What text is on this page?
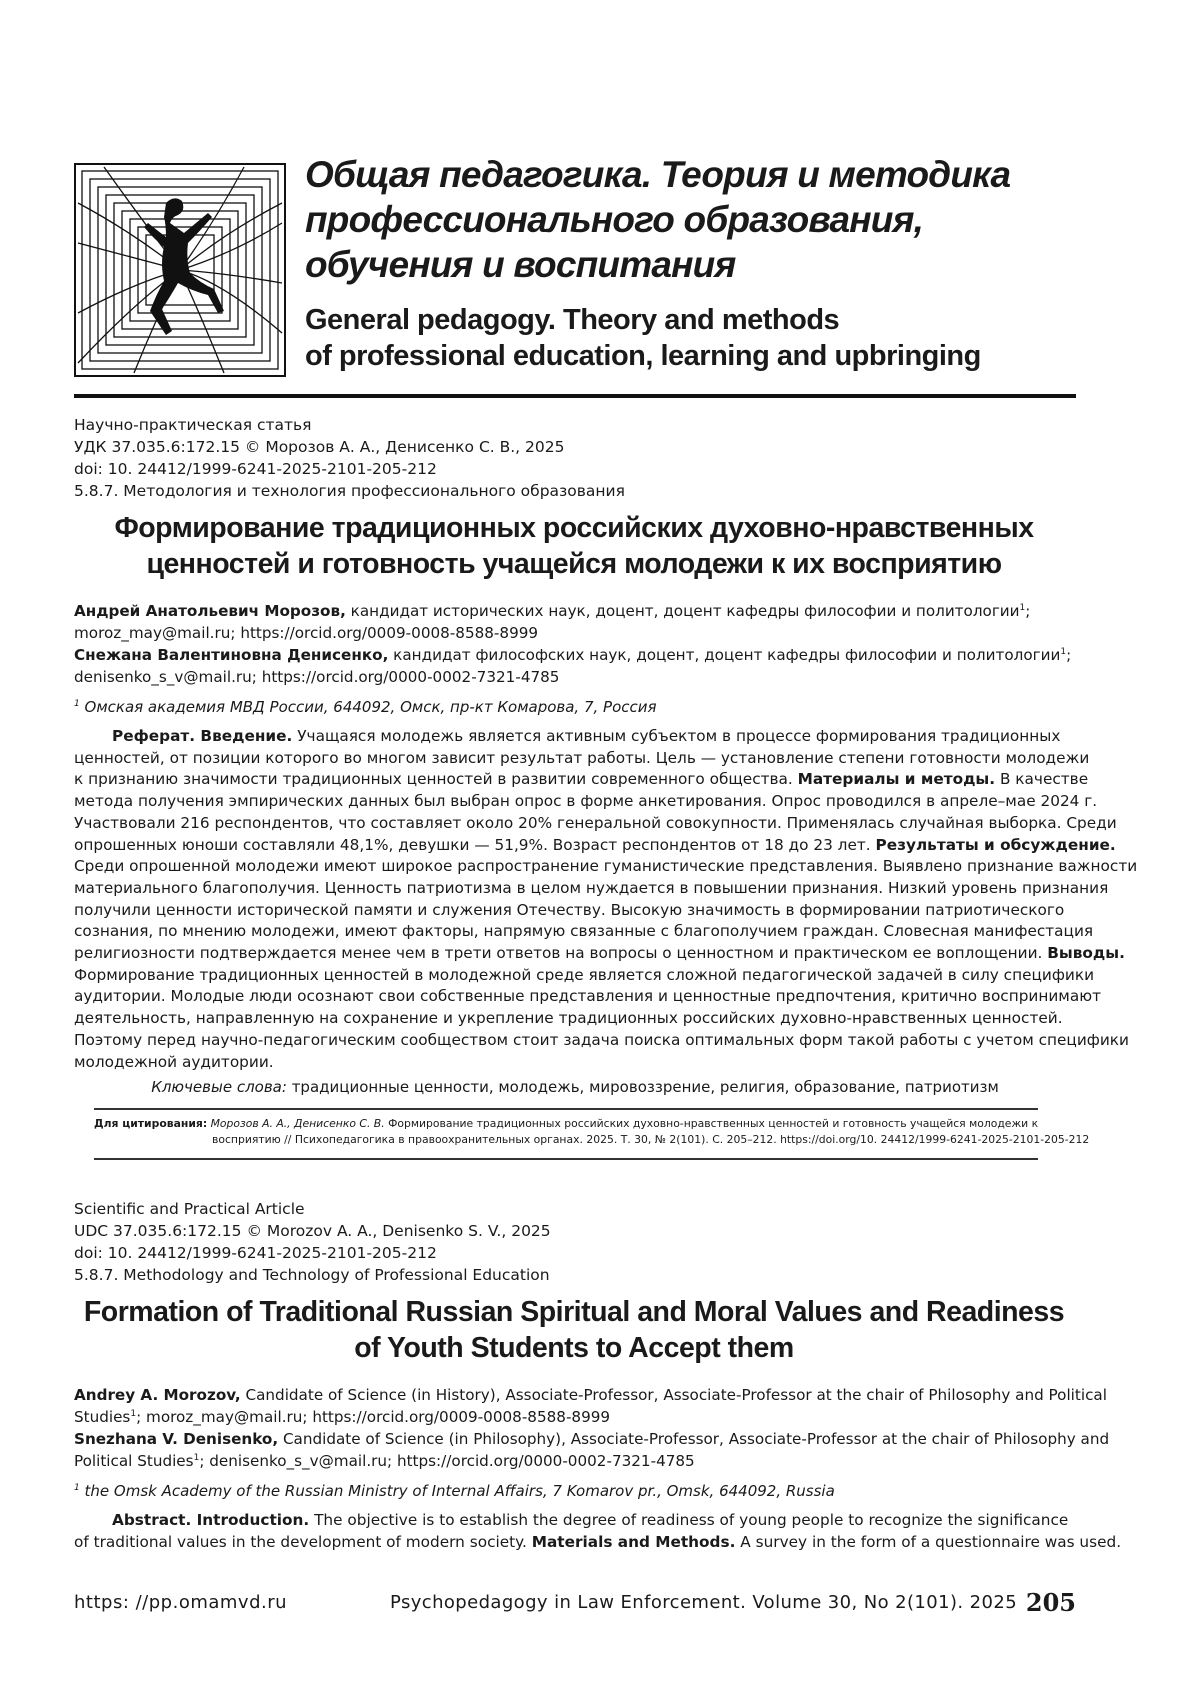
Общая педагогика. Теория и методика
профессионального образования,
обучения и воспитания
General pedagogy. Theory and methods
of professional education, learning and upbringing
Научно-практическая статья
УДК 37.035.6:172.15 © Морозов А. А., Денисенко С. В., 2025
doi: 10. 24412/1999-6241-2025-2101-205-212
5.8.7. Методология и технология профессионального образования
Формирование традиционных российских духовно-нравственных
ценностей и готовность учащейся молодежи к их восприятию
Андрей Анатольевич Морозов, кандидат исторических наук, доцент, доцент кафедры философии и политологии$^1$;
moroz_may@mail.ru; https://orcid.org/0009-0008-8588-8999
Снежана Валентиновна Денисенко, кандидат философских наук, доцент, доцент кафедры философии и политологии$^1$;
denisenko_s_v@mail.ru; https://orcid.org/0000-0002-7321-4785
$^1$ Омская академия МВД России, 644092, Омск, пр-кт Комарова, 7, Россия
Реферат. Введение. Учащаяся молодежь является активным субъектом в процессе формирования традиционных
ценностей, от позиции которого во многом зависит результат работы. Цель — установление степени готовности молодежи
к признанию значимости традиционных ценностей в развитии современного общества. Материалы и методы. В качестве
метода получения эмпирических данных был выбран опрос в форме анкетирования. Опрос проводился в апреле–мае 2024 г.
Участвовали 216 респондентов, что составляет около 20% генеральной совокупности. Применялась случайная выборка. Среди
опрошенных юноши составляли 48,1%, девушки — 51,9%. Возраст респондентов от 18 до 23 лет. Результаты и обсуждение.
Среди опрошенной молодежи имеют широкое распространение гуманистические представления. Выявлено признание важности
материального благополучия. Ценность патриотизма в целом нуждается в повышении признания. Низкий уровень признания
получили ценности исторической памяти и служения Отечеству. Высокую значимость в формировании патриотического
сознания, по мнению молодежи, имеют факторы, напрямую связанные с благополучием граждан. Словесная манифестация
религиозности подтверждается менее чем в трети ответов на вопросы о ценностном и практическом ее воплощении. Выводы.
Формирование традиционных ценностей в молодежной среде является сложной педагогической задачей в силу специфики
аудитории. Молодые люди осознают свои собственные представления и ценностные предпочтения, критично воспринимают
деятельность, направленную на сохранение и укрепление традиционных российских духовно-нравственных ценностей.
Поэтому перед научно-педагогическим сообществом стоит задача поиска оптимальных форм такой работы с учетом специфики
молодежной аудитории.
Ключевые слова: традиционные ценности, молодежь, мировоззрение, религия, образование, патриотизм
Для цитирования: Морозов А. А., Денисенко С. В. Формирование традиционных российских духовно-нравственных ценностей и готовность учащейся молодежи к
восприятию // Психопедагогика в правоохранительных органах. 2025. Т. 30, № 2(101). С. 205–212. https://doi.org/10. 24412/1999-6241-2025-2101-205-212
Scientific and Practical Article
UDC 37.035.6:172.15 © Morozov A. A., Denisenko S. V., 2025
doi: 10. 24412/1999-6241-2025-2101-205-212
5.8.7. Methodology and Technology of Professional Education
Formation of Traditional Russian Spiritual and Moral Values and Readiness
of Youth Students to Accept them
Andrey A. Morozov, Candidate of Science (in History), Associate-Professor, Associate-Professor at the chair of Philosophy and Political
Studies$^1$; moroz_may@mail.ru; https://orcid.org/0009-0008-8588-8999
Snezhana V. Denisenko, Candidate of Science (in Philosophy), Associate-Professor, Associate-Professor at the chair of Philosophy and
Political Studies$^1$; denisenko_s_v@mail.ru; https://orcid.org/0000-0002-7321-4785
$^1$ the Omsk Academy of the Russian Ministry of Internal Affairs, 7 Komarov pr., Omsk, 644092, Russia
Abstract. Introduction. The objective is to establish the degree of readiness of young people to recognize the significance
of traditional values in the development of modern society. Materials and Methods. A survey in the form of a questionnaire was used.
https: //pp.omamvd.ru	Psychopedagogy in Law Enforcement. Volume 30, No 2(101). 2025 205
